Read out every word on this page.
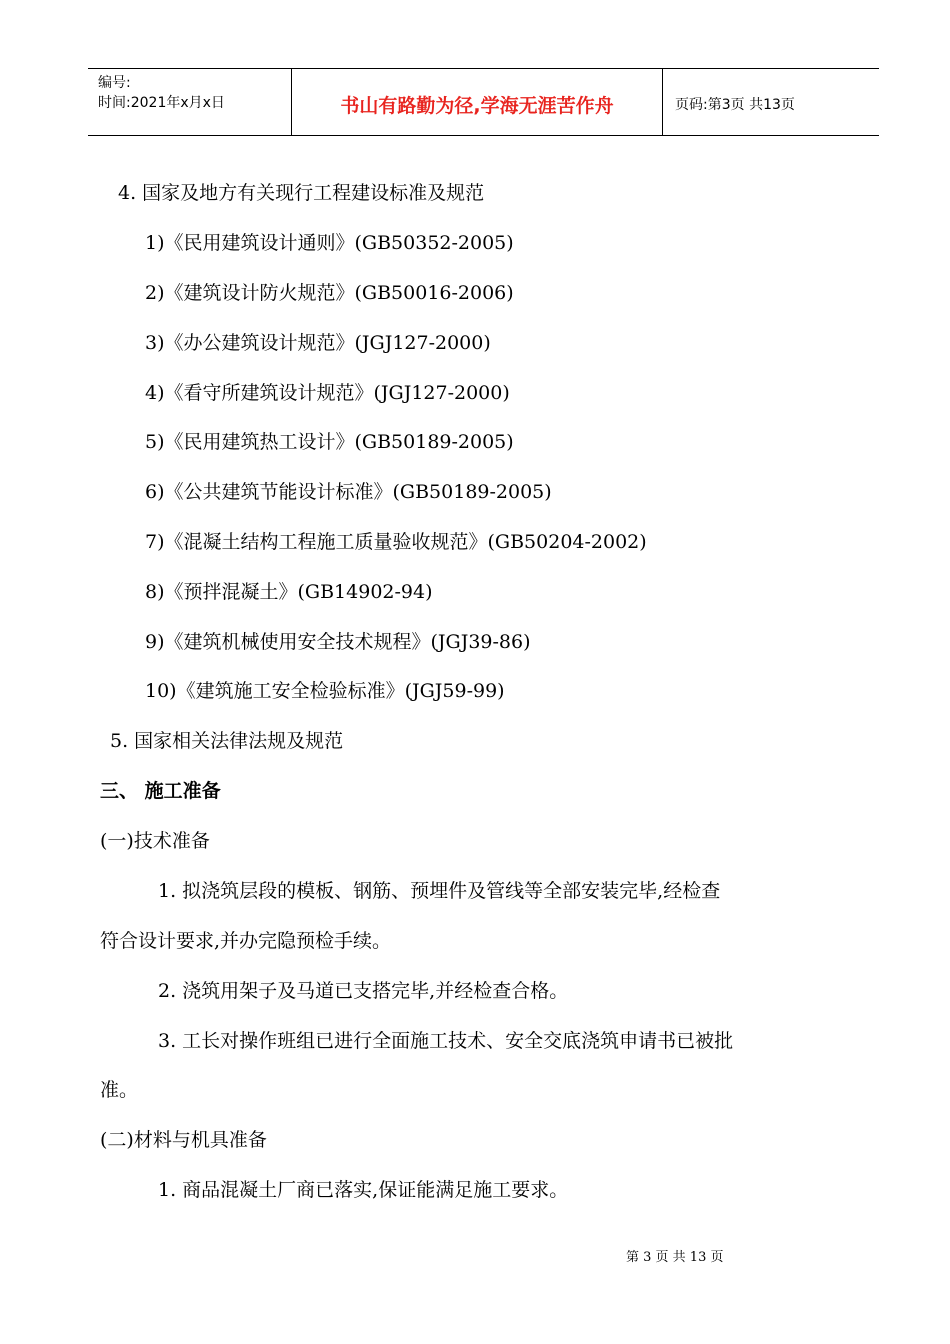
编号:
时间:2021年x月x日	书山有路勤为径,学海无涯苦作舟	页码:第3页 共13页
4. 国家及地方有关现行工程建设标准及规范
1)《民用建筑设计通则》(GB50352-2005)
2)《建筑设计防火规范》(GB50016-2006)
3)《办公建筑设计规范》(JGJ127-2000)
4)《看守所建筑设计规范》(JGJ127-2000)
5)《民用建筑热工设计》(GB50189-2005)
6)《公共建筑节能设计标准》(GB50189-2005)
7)《混凝土结构工程施工质量验收规范》(GB50204-2002)
8)《预拌混凝土》(GB14902-94)
9)《建筑机械使用安全技术规程》(JGJ39-86)
10)《建筑施工安全检验标准》(JGJ59-99)
5. 国家相关法律法规及规范
三、 施工准备
(一)技术准备
1. 拟浇筑层段的模板、钢筋、预埋件及管线等全部安装完毕,经检查
符合设计要求,并办完隐预检手续。
2. 浇筑用架子及马道已支搭完毕,并经检查合格。
3. 工长对操作班组已进行全面施工技术、安全交底浇筑申请书已被批
准。
(二)材料与机具准备
1. 商品混凝土厂商已落实,保证能满足施工要求。
第 3 页 共 13 页
